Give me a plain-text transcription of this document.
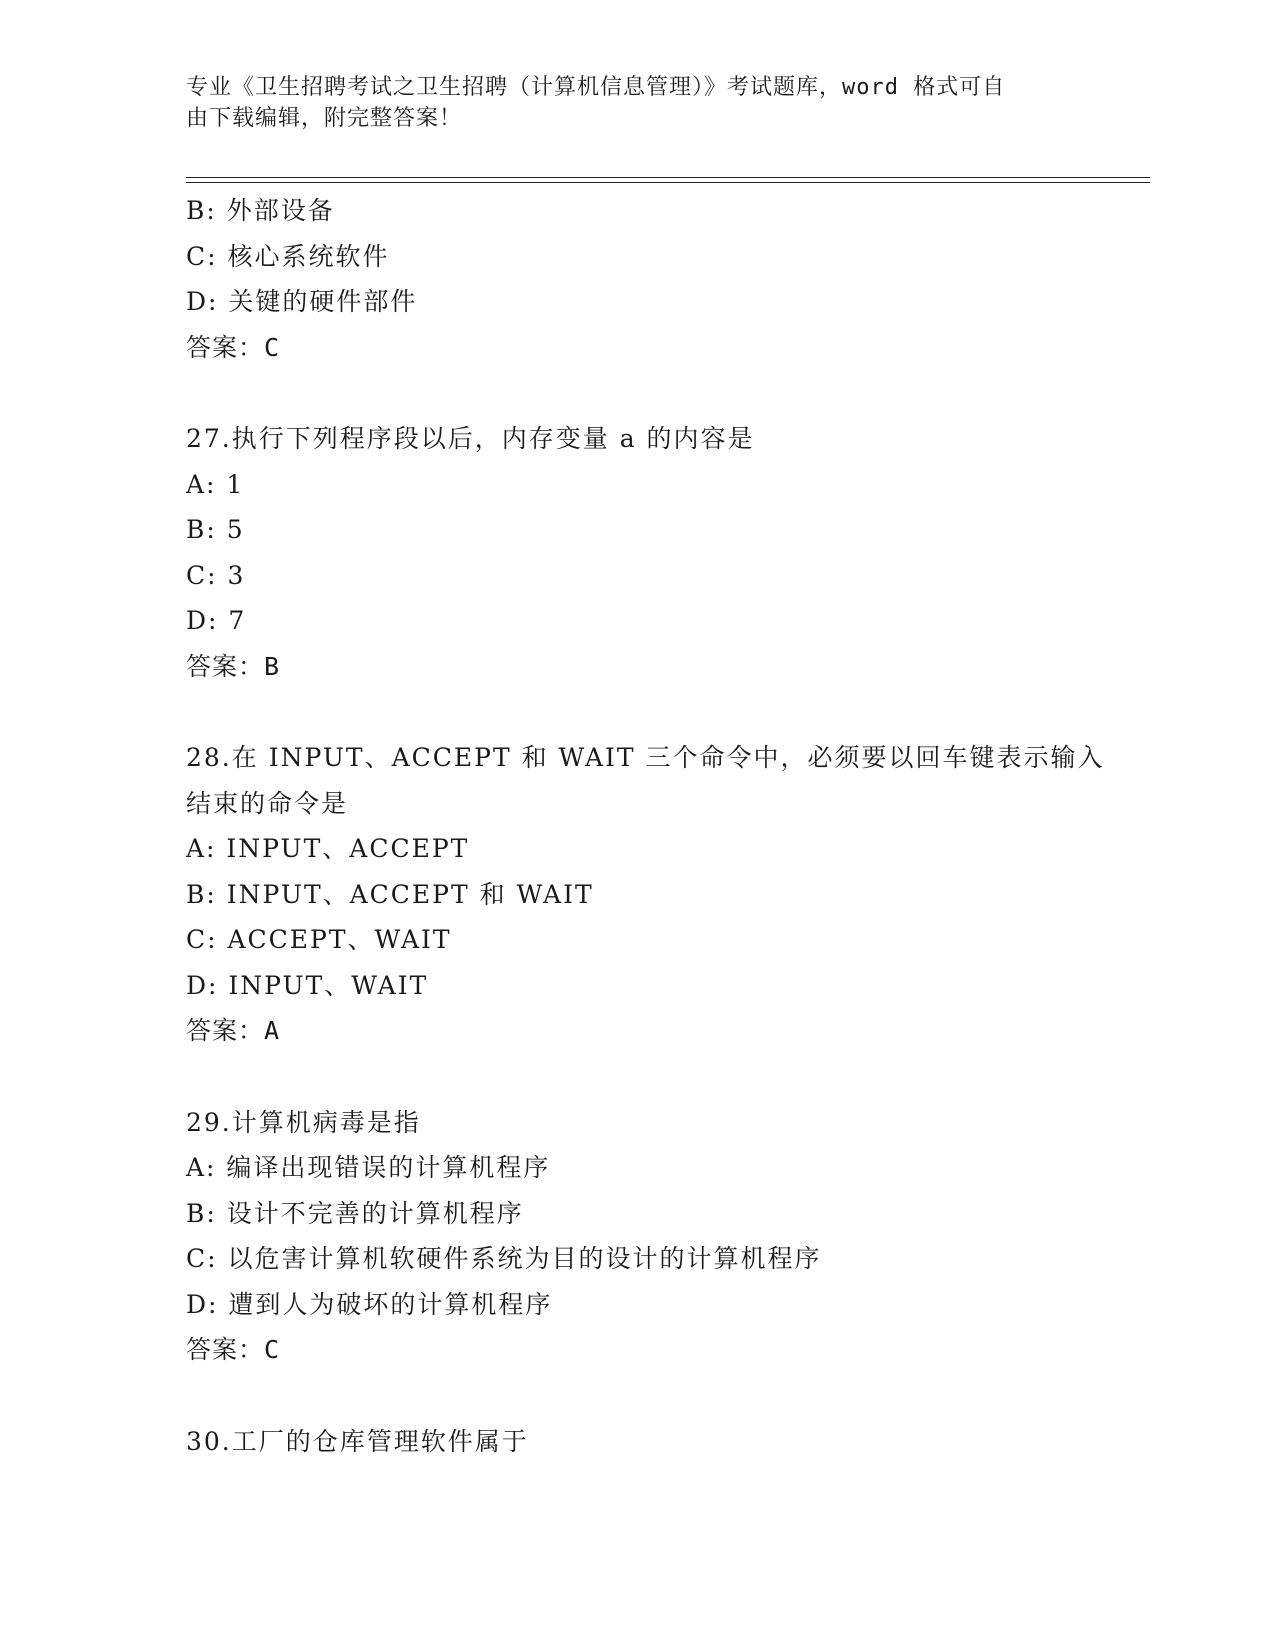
专业《卫生招聘考试之卫生招聘（计算机信息管理）》考试题库，word 格式可自
由下载编辑，附完整答案！
B: 外部设备
C: 核心系统软件
D: 关键的硬件部件
答案：C
27.执行下列程序段以后，内存变量 a 的内容是
A: 1
B: 5
C: 3
D: 7
答案：B
28.在 INPUT、ACCEPT 和 WAIT 三个命令中，必须要以回车键表示输入
结束的命令是
A: INPUT、ACCEPT
B: INPUT、ACCEPT 和 WAIT
C: ACCEPT、WAIT
D: INPUT、WAIT
答案：A
29.计算机病毒是指
A: 编译出现错误的计算机程序
B: 设计不完善的计算机程序
C: 以危害计算机软硬件系统为目的设计的计算机程序
D: 遭到人为破坏的计算机程序
答案：C
30.工厂的仓库管理软件属于
